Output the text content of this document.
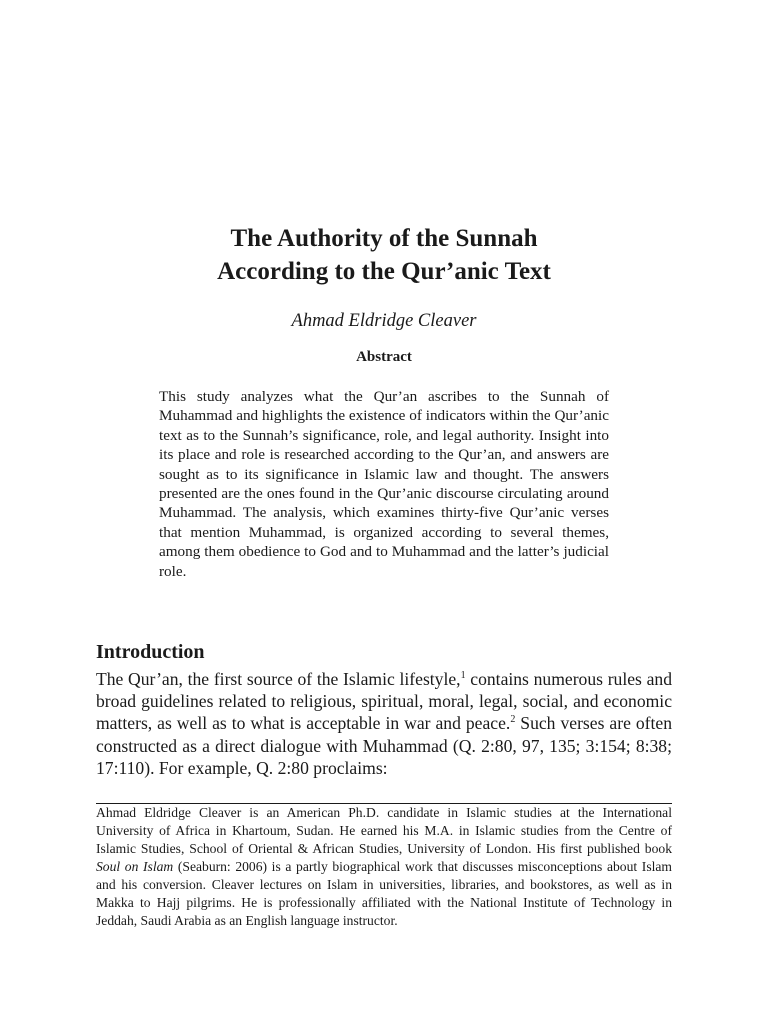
The Authority of the Sunnah
According to the Qur’anic Text

Ahmad Eldridge Cleaver

Abstract

This study analyzes what the Qur’an ascribes to the Sunnah of Muhammad and highlights the existence of indicators within the Qur’anic text as to the Sunnah’s significance, role, and legal authority. Insight into its place and role is researched according to the Qur’an, and answers are sought as to its significance in Islamic law and thought. The answers presented are the ones found in the Qur’anic discourse circulating around Muhammad. The analysis, which examines thirty-five Qur’anic verses that mention Muhammad, is organized according to several themes, among them obedience to God and to Muhammad and the latter’s judicial role.

Introduction

The Qur’an, the first source of the Islamic lifestyle,$^1$ contains numerous rules and broad guidelines related to religious, spiritual, moral, legal, social, and economic matters, as well as to what is acceptable in war and peace.$^2$ Such verses are often constructed as a direct dialogue with Muhammad (Q. 2:80, 97, 135; 3:154; 8:38; 17:110). For example, Q. 2:80 proclaims:

Ahmad Eldridge Cleaver is an American Ph.D. candidate in Islamic studies at the International University of Africa in Khartoum, Sudan. He earned his M.A. in Islamic studies from the Centre of Islamic Studies, School of Oriental & African Studies, University of London. His first published book Soul on Islam (Seaburn: 2006) is a partly biographical work that discusses misconceptions about Islam and his conversion. Cleaver lectures on Islam in universities, libraries, and bookstores, as well as in Makka to Hajj pilgrims. He is professionally affiliated with the National Institute of Technology in Jeddah, Saudi Arabia as an English language instructor.
